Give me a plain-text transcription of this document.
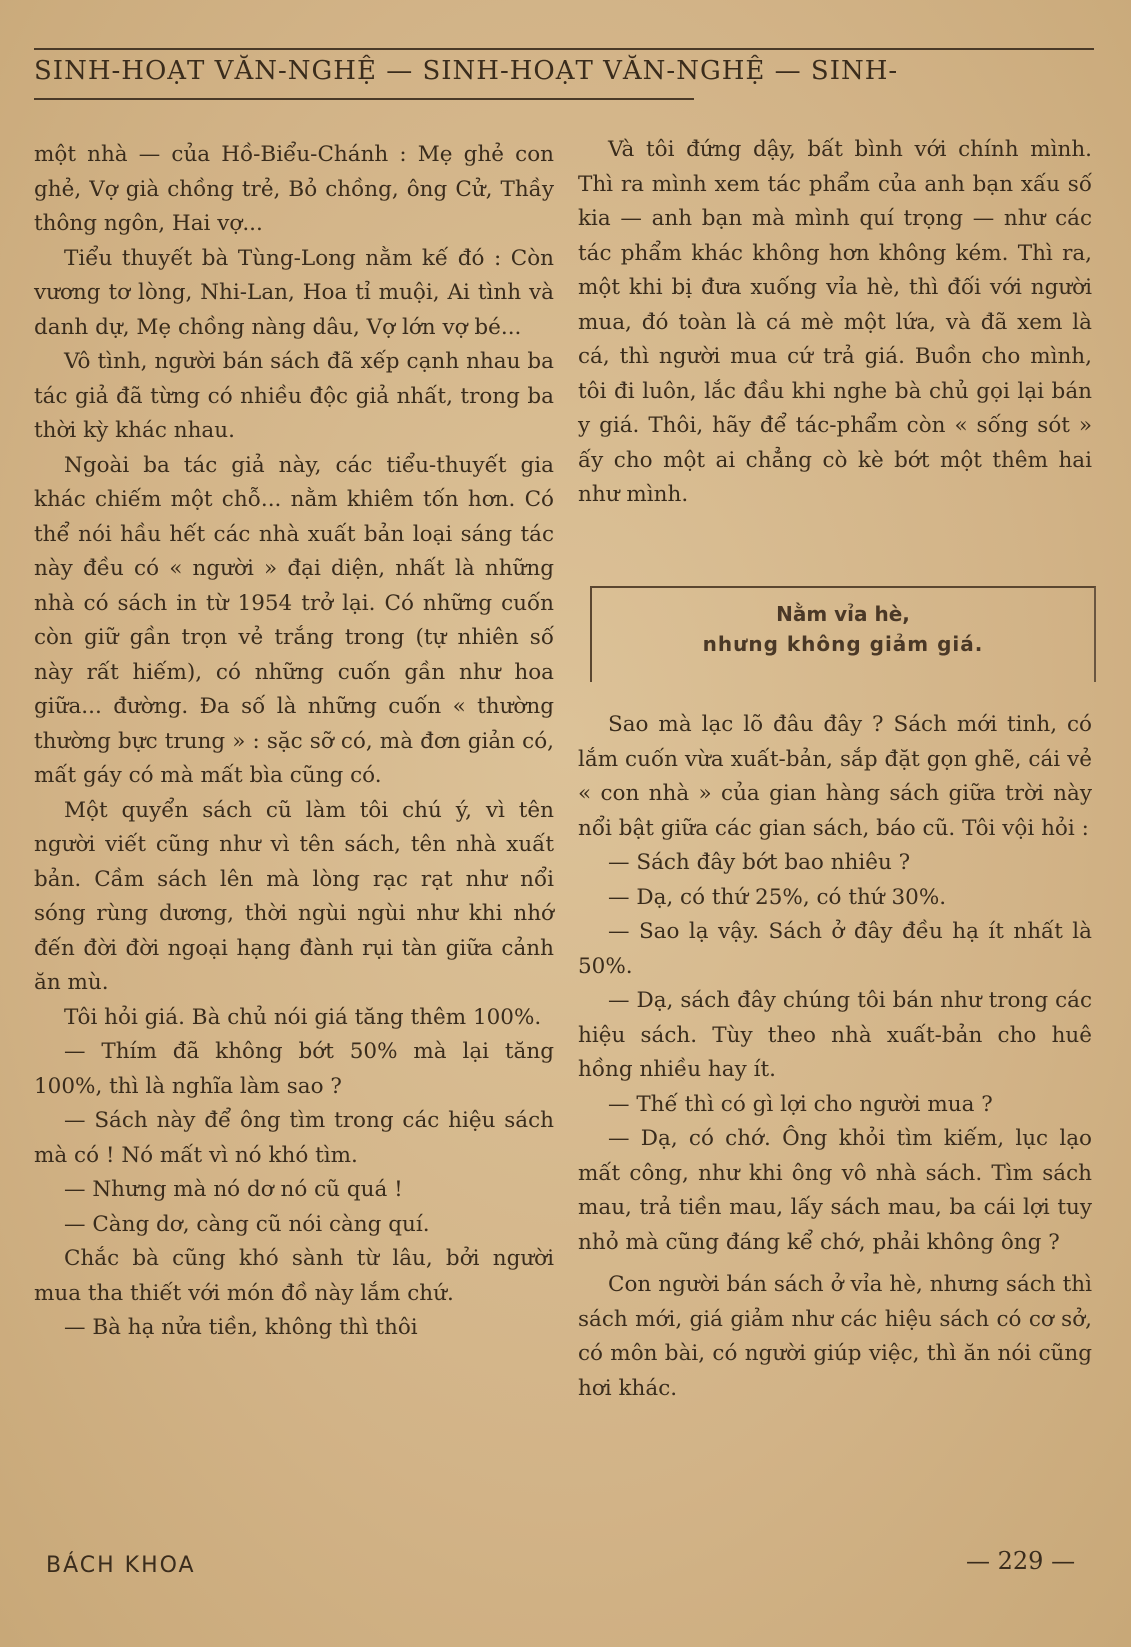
SINH-HOẠT VĂN-NGHỆ — SINH-HOẠT VĂN-NGHỆ — SINH-

một nhà — của Hồ-Biểu-Chánh : Mẹ ghẻ con ghẻ, Vợ già chồng trẻ, Bỏ chồng, ông Cử, Thầy thông ngôn, Hai vợ...

Tiểu thuyết bà Tùng-Long nằm kế đó : Còn vương tơ lòng, Nhi-Lan, Hoa tỉ muội, Ai tình và danh dự, Mẹ chồng nàng dâu, Vợ lớn vợ bé...

Vô tình, người bán sách đã xếp cạnh nhau ba tác giả đã từng có nhiều độc giả nhất, trong ba thời kỳ khác nhau.

Ngoài ba tác giả này, các tiểu-thuyết gia khác chiếm một chỗ... nằm khiêm tốn hơn. Có thể nói hầu hết các nhà xuất bản loại sáng tác này đều có « người » đại diện, nhất là những nhà có sách in từ 1954 trở lại. Có những cuốn còn giữ gần trọn vẻ trắng trong (tự nhiên số này rất hiếm), có những cuốn gần như hoa giữa... đường. Đa số là những cuốn « thường thường bực trung » : sặc sỡ có, mà đơn giản có, mất gáy có mà mất bìa cũng có.

Một quyển sách cũ làm tôi chú ý, vì tên người viết cũng như vì tên sách, tên nhà xuất bản. Cầm sách lên mà lòng rạc rạt như nổi sóng rùng dương, thời ngùi ngùi như khi nhớ đến đời đời ngoại hạng đành rụi tàn giữa cảnh ăn mù.

Tôi hỏi giá. Bà chủ nói giá tăng thêm 100%.

— Thím đã không bớt 50% mà lại tăng 100%, thì là nghĩa làm sao ?

— Sách này để ông tìm trong các hiệu sách mà có ! Nó mất vì nó khó tìm.

— Nhưng mà nó dơ nó cũ quá !

— Càng dơ, càng cũ nói càng quí.

Chắc bà cũng khó sành từ lâu, bởi người mua tha thiết với món đồ này lắm chứ.

— Bà hạ nửa tiền, không thì thôi

Và tôi đứng dậy, bất bình với chính mình. Thì ra mình xem tác phẩm của anh bạn xấu số kia — anh bạn mà mình quí trọng — như các tác phẩm khác không hơn không kém. Thì ra, một khi bị đưa xuống vỉa hè, thì đối với người mua, đó toàn là cá mè một lứa, và đã xem là cá, thì người mua cứ trả giá. Buồn cho mình, tôi đi luôn, lắc đầu khi nghe bà chủ gọi lại bán y giá. Thôi, hãy để tác-phẩm còn « sống sót » ấy cho một ai chẳng cò kè bớt một thêm hai như mình.

Nằm vỉa hè,
nhưng không giảm giá.

Sao mà lạc lõ đâu đây ? Sách mới tinh, có lắm cuốn vừa xuất-bản, sắp đặt gọn ghẽ, cái vẻ « con nhà » của gian hàng sách giữa trời này nổi bật giữa các gian sách, báo cũ. Tôi vội hỏi :

— Sách đây bớt bao nhiêu ?

— Dạ, có thứ 25%, có thứ 30%.

— Sao lạ vậy. Sách ở đây đều hạ ít nhất là 50%.

— Dạ, sách đây chúng tôi bán như trong các hiệu sách. Tùy theo nhà xuất-bản cho huê hồng nhiều hay ít.

— Thế thì có gì lợi cho người mua ?

— Dạ, có chớ. Ông khỏi tìm kiếm, lục lạo mất công, như khi ông vô nhà sách. Tìm sách mau, trả tiền mau, lấy sách mau, ba cái lợi tuy nhỏ mà cũng đáng kể chớ, phải không ông ?

Con người bán sách ở vỉa hè, nhưng sách thì sách mới, giá giảm như các hiệu sách có cơ sở, có môn bài, có người giúp việc, thì ăn nói cũng hơi khác.

BÁCH KHOA	— 229 —
